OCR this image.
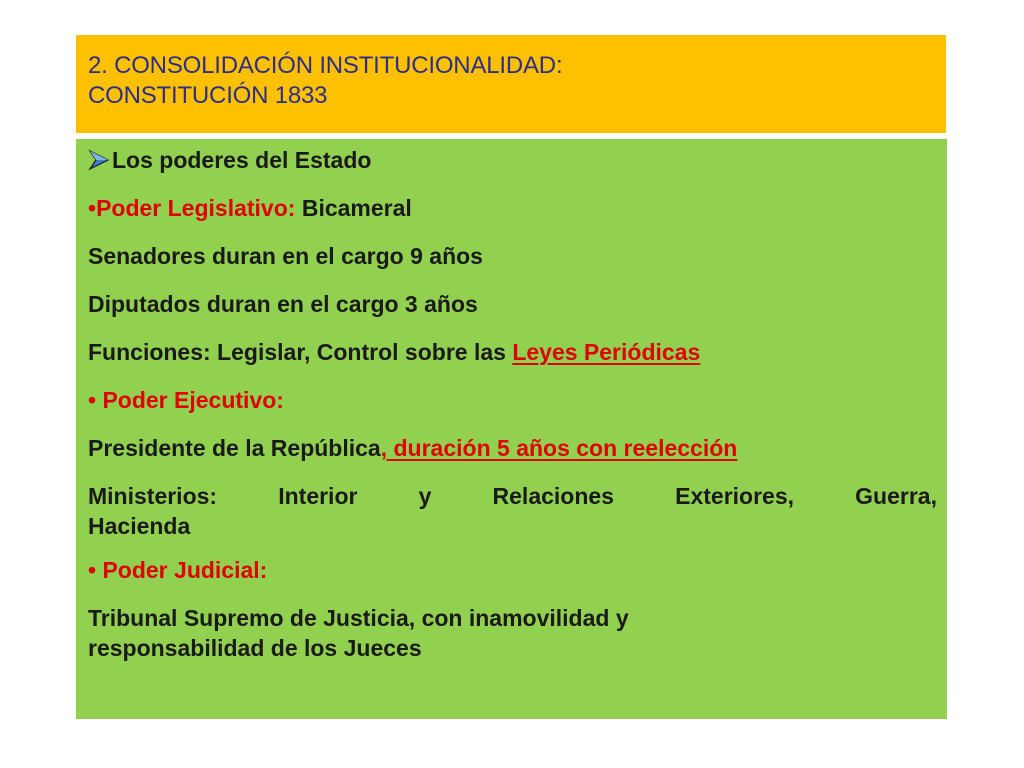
2. CONSOLIDACIÓN INSTITUCIONALIDAD:
CONSTITUCIÓN 1833
Los poderes del Estado
•Poder Legislativo: Bicameral
Senadores duran en el cargo 9 años
Diputados duran en el cargo 3 años
Funciones: Legislar, Control sobre las Leyes Periódicas
• Poder Ejecutivo:
Presidente de la República, duración 5 años con reelección
Ministerios:	Interior	y	Relaciones	Exteriores,	Guerra,
Hacienda
• Poder Judicial:
Tribunal Supremo de Justicia, con inamovilidad y responsabilidad de los Jueces
